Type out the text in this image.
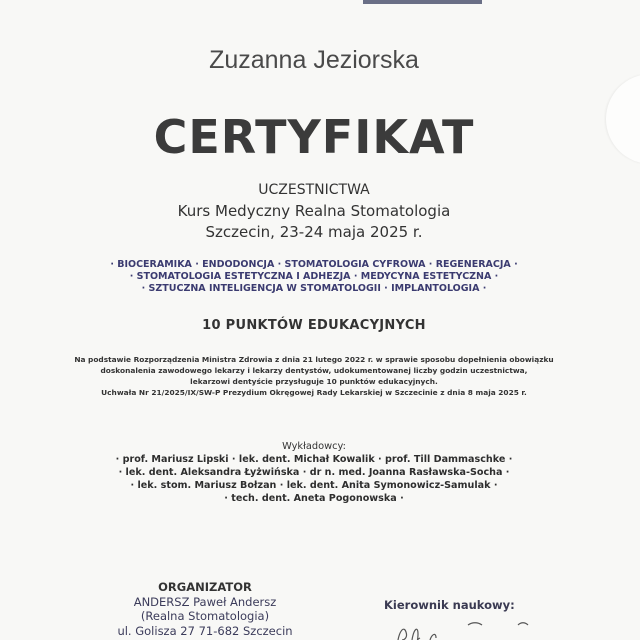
Zuzanna Jeziorska
CERTYFIKAT
UCZESTNICTWA
Kurs Medyczny Realna Stomatologia
Szczecin, 23-24 maja 2025 r.
· BIOCERAMIKA · ENDODONCJA · STOMATOLOGIA CYFROWA · REGENERACJA ·
· STOMATOLOGIA ESTETYCZNA I ADHEZJA · MEDYCYNA ESTETYCZNA ·
· SZTUCZNA INTELIGENCJA W STOMATOLOGII · IMPLANTOLOGIA ·
10 PUNKTÓW EDUKACYJNYCH
Na podstawie Rozporządzenia Ministra Zdrowia z dnia 21 lutego 2022 r. w sprawie sposobu dopełnienia obowiązku
doskonalenia zawodowego lekarzy i lekarzy dentystów, udokumentowanej liczby godzin uczestnictwa,
lekarzowi dentyście przysługuje 10 punktów edukacyjnych.
Uchwała Nr 21/2025/IX/SW-P Prezydium Okręgowej Rady Lekarskiej w Szczecinie z dnia 8 maja 2025 r.
Wykładowcy:
· prof. Mariusz Lipski · lek. dent. Michał Kowalik · prof. Till Dammaschke ·
· lek. dent. Aleksandra Łyżwińska · dr n. med. Joanna Rasławska-Socha ·
· lek. stom. Mariusz Bołzan · lek. dent. Anita Symonowicz-Samulak ·
· tech. dent. Aneta Pogonowska ·
ORGANIZATOR
ANDERSZ Paweł Andersz
(Realna Stomatologia)
ul. Golisza 27 71-682 Szczecin
Kierownik naukowy:
